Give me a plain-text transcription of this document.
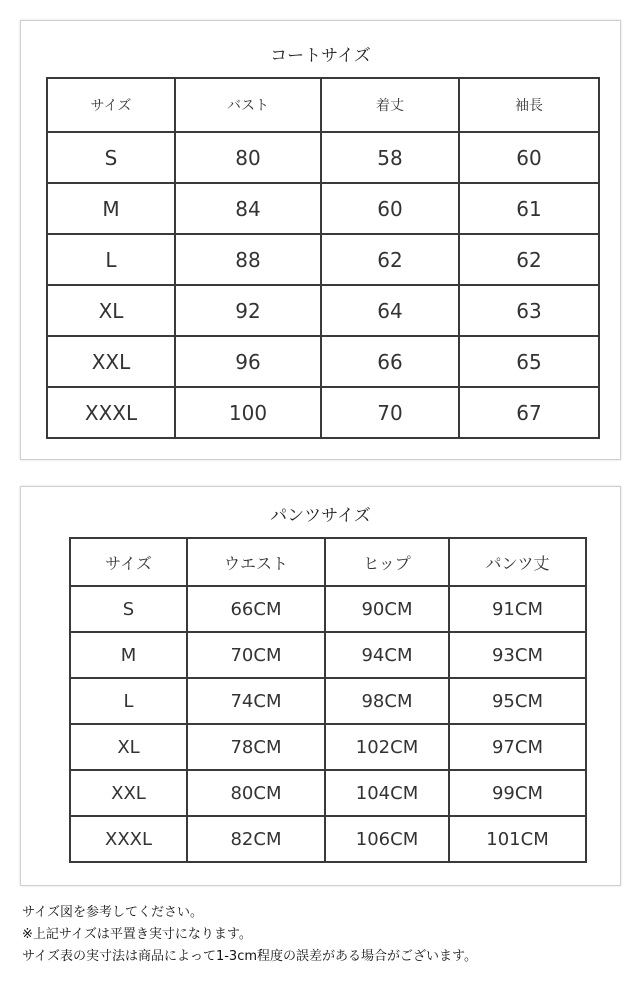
コートサイズ
サイズ	バスト	着丈	袖長
S	80	58	60
M	84	60	61
L	88	62	62
XL	92	64	63
XXL	96	66	65
XXXL	100	70	67
パンツサイズ
サイズ	ウエスト	ヒップ	パンツ丈
S	66CM	90CM	91CM
M	70CM	94CM	93CM
L	74CM	98CM	95CM
XL	78CM	102CM	97CM
XXL	80CM	104CM	99CM
XXXL	82CM	106CM	101CM
サイズ図を参考してください。
※上記サイズは平置き実寸になります。
サイズ表の実寸法は商品によって1-3cm程度の誤差がある場合がございます。
